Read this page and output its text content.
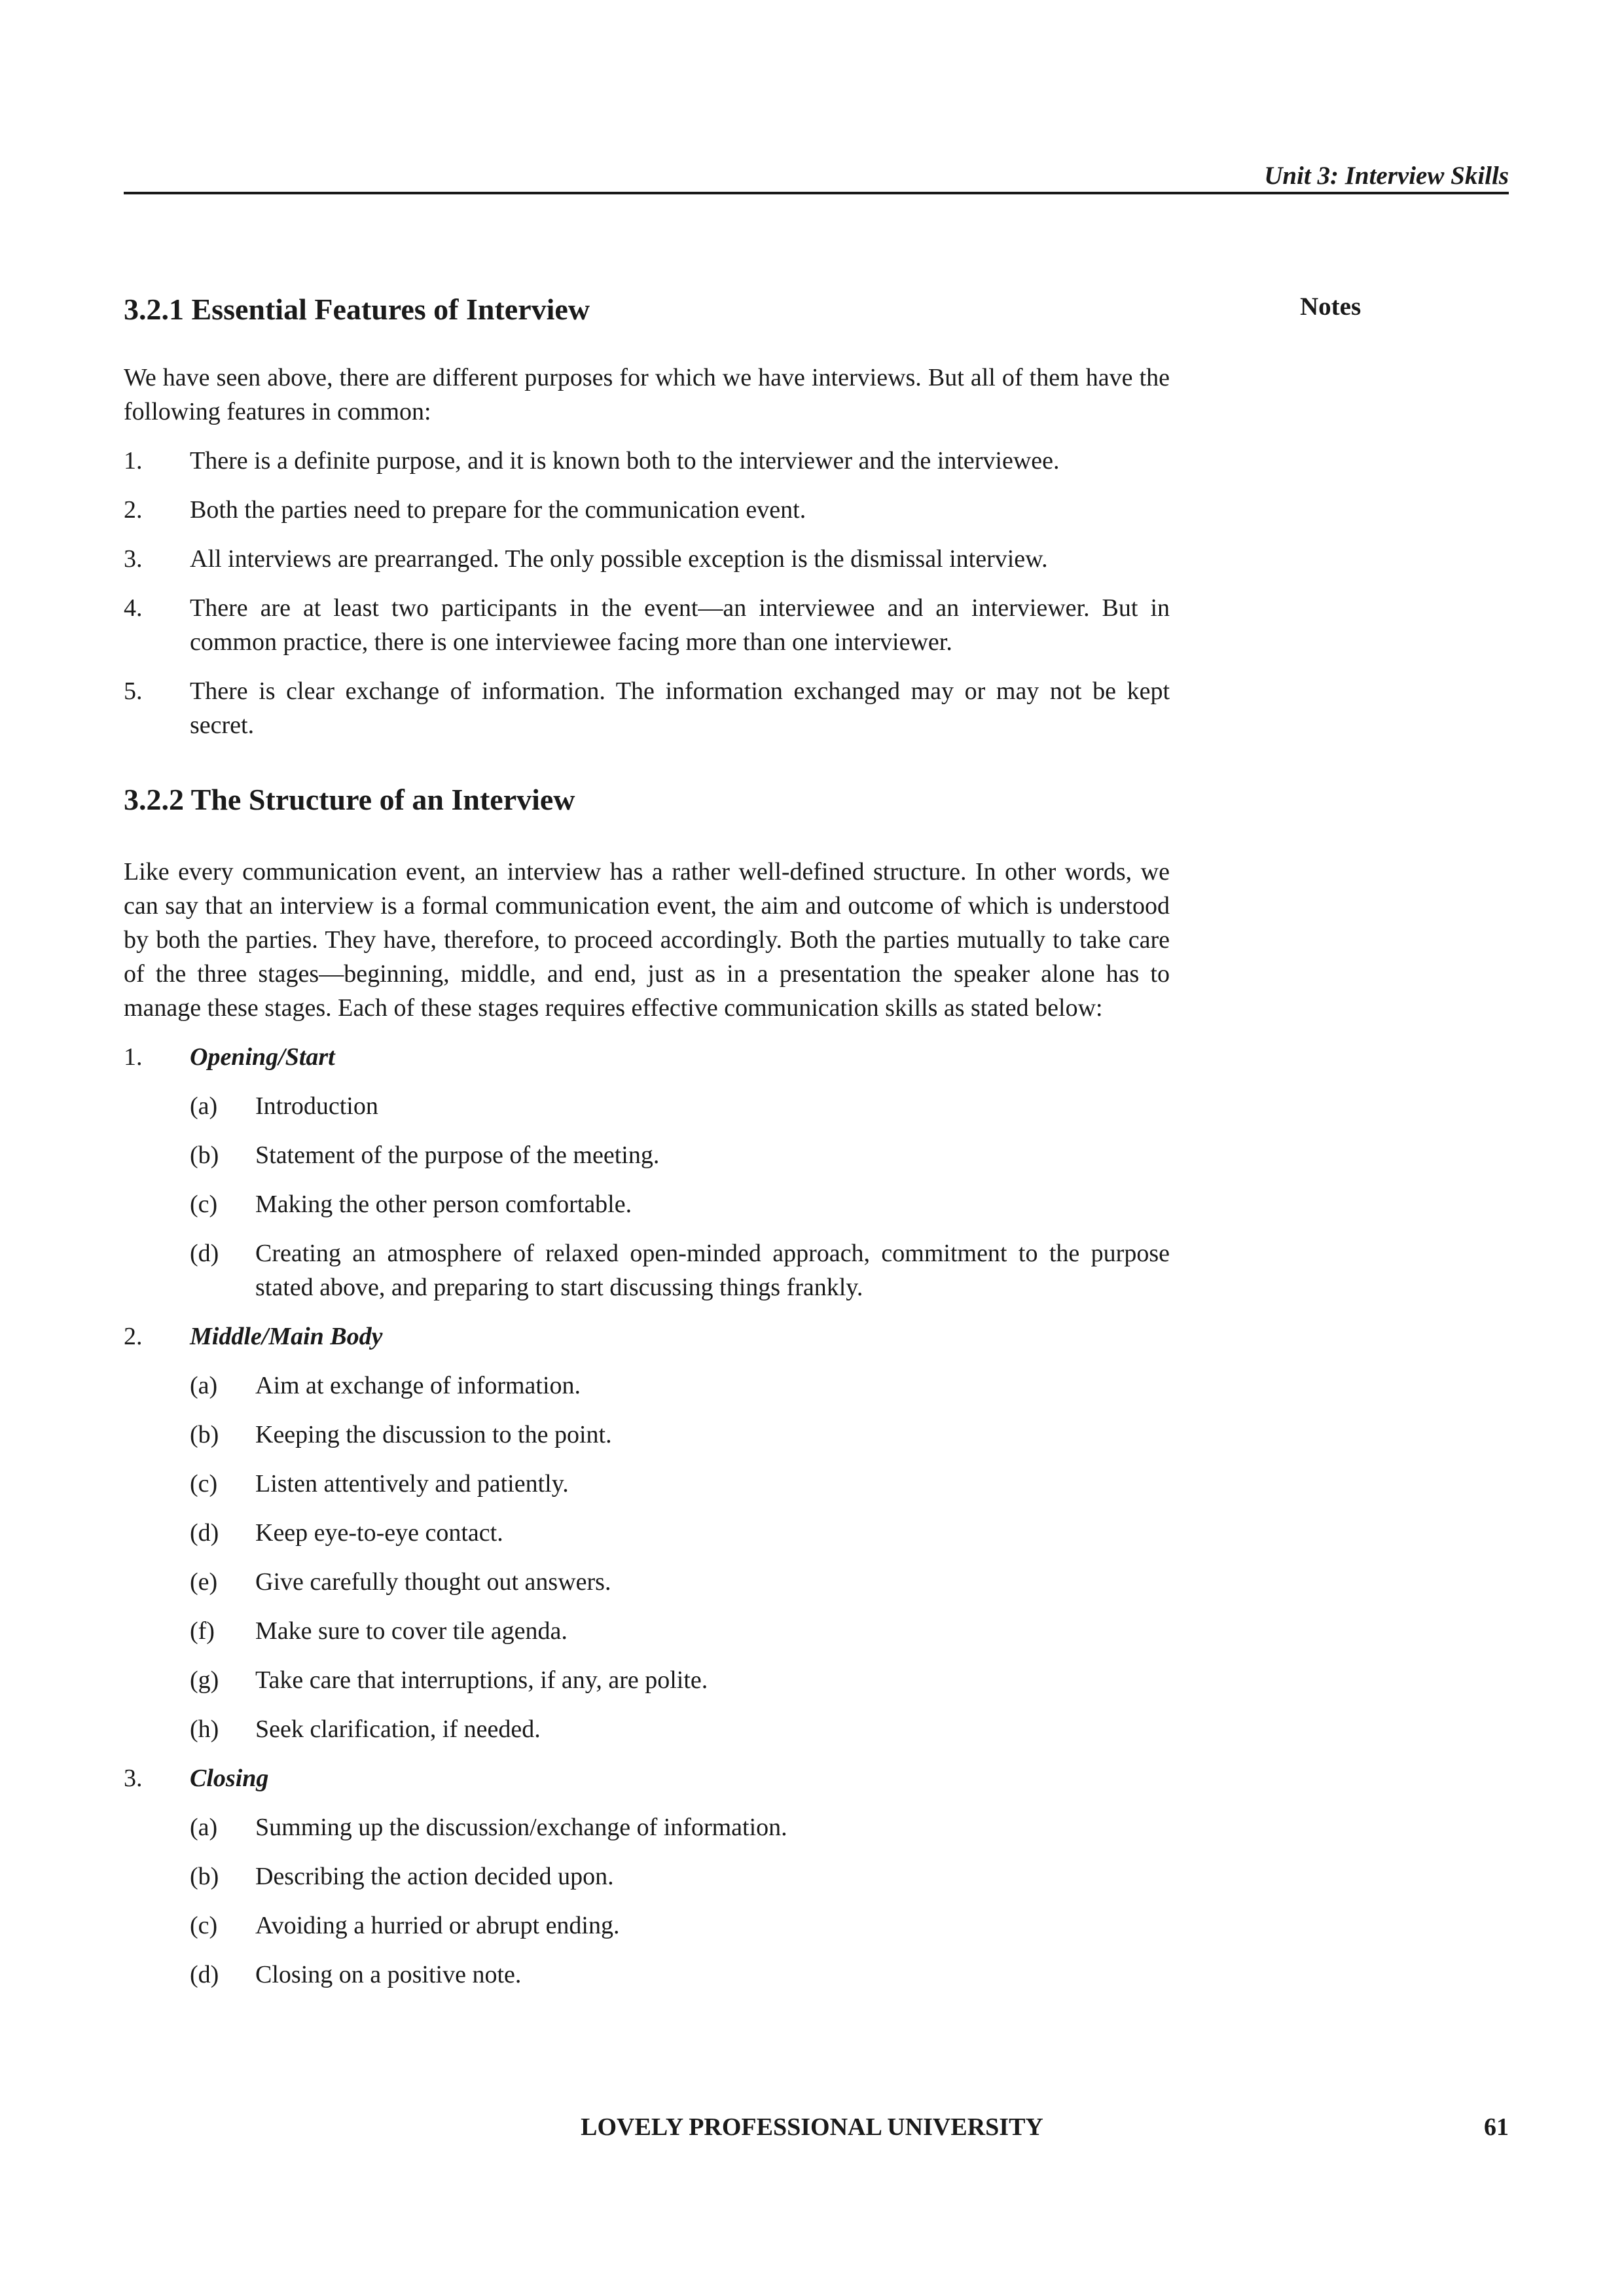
Unit 3: Interview Skills
Notes
3.2.1 Essential Features of Interview

We have seen above, there are different purposes for which we have interviews. But all of them have the following features in common:

1. There is a definite purpose, and it is known both to the interviewer and the interviewee.
2. Both the parties need to prepare for the communication event.
3. All interviews are prearranged. The only possible exception is the dismissal interview.
4. There are at least two participants in the event—an interviewee and an interviewer. But in common practice, there is one interviewee facing more than one interviewer.
5. There is clear exchange of information. The information exchanged may or may not be kept secret.
3.2.2 The Structure of an Interview

Like every communication event, an interview has a rather well-defined structure. In other words, we can say that an interview is a formal communication event, the aim and outcome of which is understood by both the parties. They have, therefore, to proceed accordingly. Both the parties mutually to take care of the three stages—beginning, middle, and end, just as in a presentation the speaker alone has to manage these stages. Each of these stages requires effective communication skills as stated below:

1. Opening/Start
(a) Introduction
(b) Statement of the purpose of the meeting.
(c) Making the other person comfortable.
(d) Creating an atmosphere of relaxed open-minded approach, commitment to the purpose stated above, and preparing to start discussing things frankly.
2. Middle/Main Body
(a) Aim at exchange of information.
(b) Keeping the discussion to the point.
(c) Listen attentively and patiently.
(d) Keep eye-to-eye contact.
(e) Give carefully thought out answers.
(f) Make sure to cover tile agenda.
(g) Take care that interruptions, if any, are polite.
(h) Seek clarification, if needed.
3. Closing
(a) Summing up the discussion/exchange of information.
(b) Describing the action decided upon.
(c) Avoiding a hurried or abrupt ending.
(d) Closing on a positive note.
LOVELY PROFESSIONAL UNIVERSITY	61
